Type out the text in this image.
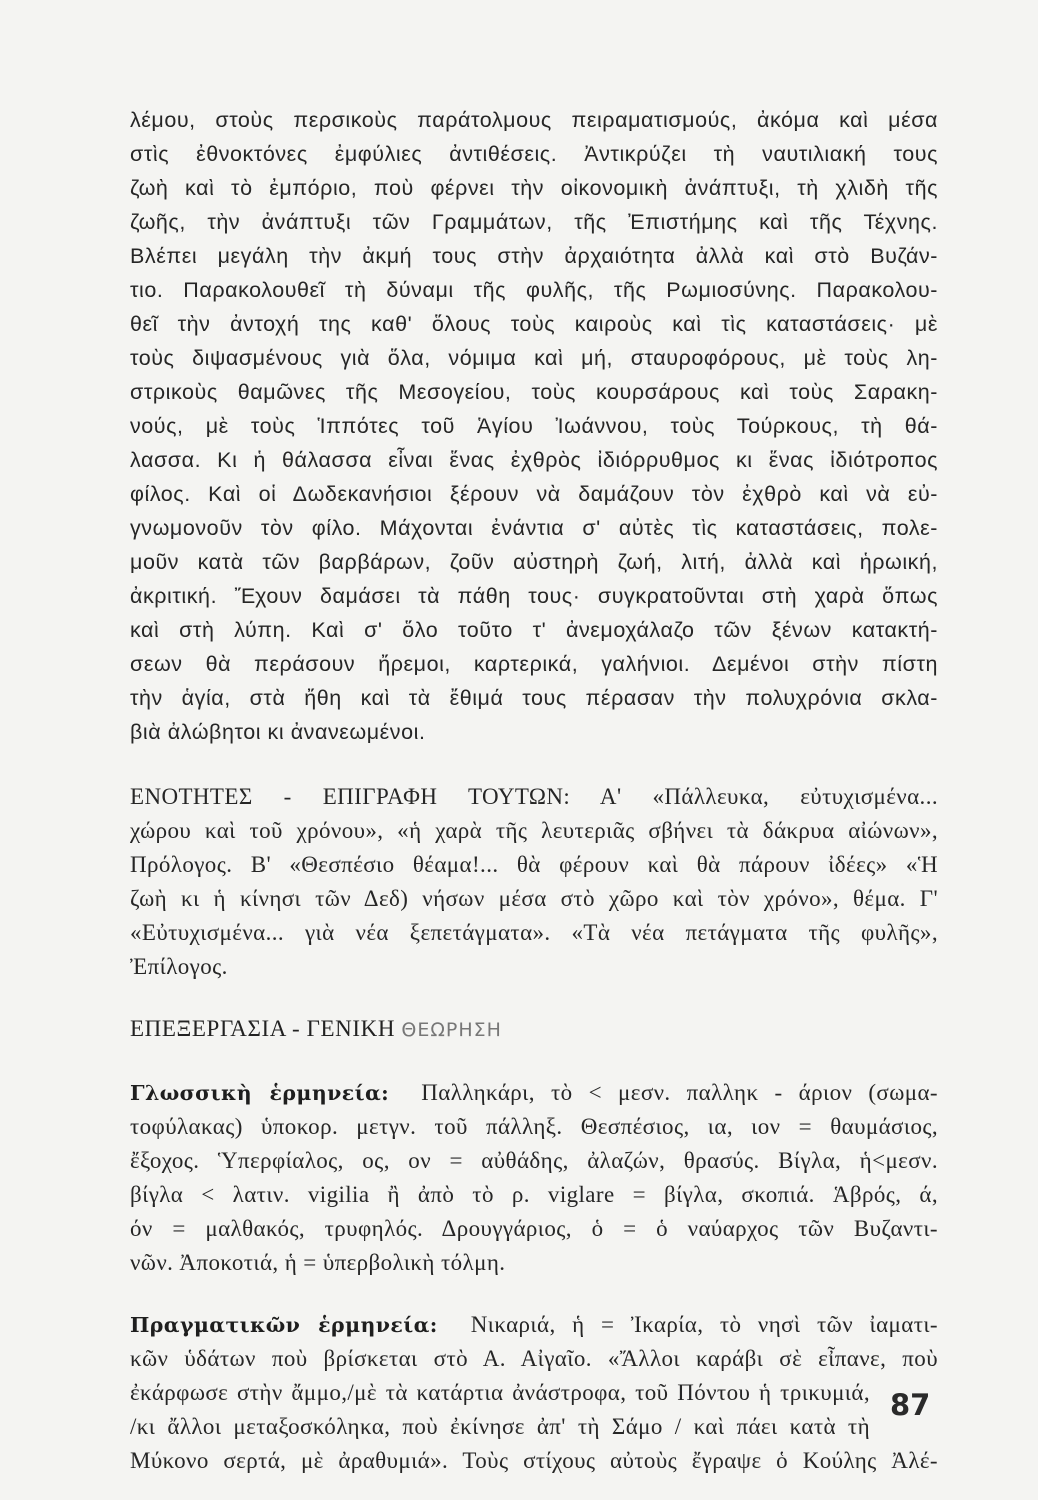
λέμου, στοὺς περσικοὺς παράτολμους πειραματισμούς, ἀκόμα καὶ μέσα
στὶς ἐθνοκτόνες ἐμφύλιες ἀντιθέσεις. Ἀντικρύζει τὴ ναυτιλιακή τους
ζωὴ καὶ τὸ ἐμπόριο, ποὺ φέρνει τὴν οἰκονομικὴ ἀνάπτυξι, τὴ χλιδὴ τῆς
ζωῆς, τὴν ἀνάπτυξι τῶν Γραμμάτων, τῆς Ἐπιστήμης καὶ τῆς Τέχνης.
Βλέπει μεγάλη τὴν ἀκμή τους στὴν ἀρχαιότητα ἀλλὰ καὶ στὸ Βυζάν-
τιο. Παρακολουθεῖ τὴ δύναμι τῆς φυλῆς, τῆς Ρωμιοσύνης. Παρακολου-
θεῖ τὴν ἀντοχή της καθ' ὅλους τοὺς καιροὺς καὶ τὶς καταστάσεις· μὲ
τοὺς διψασμένους γιὰ ὅλα, νόμιμα καὶ μή, σταυροφόρους, μὲ τοὺς λη-
στρικοὺς θαμῶνες τῆς Μεσογείου, τοὺς κουρσάρους καὶ τοὺς Σαρακη-
νούς, μὲ τοὺς Ἱππότες τοῦ Ἁγίου Ἰωάννου, τοὺς Τούρκους, τὴ θά-
λασσα. Κι ἡ θάλασσα εἶναι ἕνας ἐχθρὸς ἰδιόρρυθμος κι ἕνας ἰδιότροπος
φίλος. Καὶ οἱ Δωδεκανήσιοι ξέρουν νὰ δαμάζουν τὸν ἐχθρὸ καὶ νὰ εὐ-
γνωμονοῦν τὸν φίλο. Μάχονται ἐνάντια σ' αὐτὲς τὶς καταστάσεις, πολε-
μοῦν κατὰ τῶν βαρβάρων, ζοῦν αὐστηρὴ ζωή, λιτή, ἀλλὰ καὶ ἡρωική,
ἀκριτική. Ἔχουν δαμάσει τὰ πάθη τους· συγκρατοῦνται στὴ χαρὰ ὅπως
καὶ στὴ λύπη. Καὶ σ' ὅλο τοῦτο τ' ἀνεμοχάλαζο τῶν ξένων κατακτή-
σεων θὰ περάσουν ἤρεμοι, καρτερικά, γαλήνιοι. Δεμένοι στὴν πίστη
τὴν ἁγία, στὰ ἤθη καὶ τὰ ἔθιμά τους πέρασαν τὴν πολυχρόνια σκλα-
βιὰ ἀλώβητοι κι ἀνανεωμένοι.
ΕΝΟΤΗΤΕΣ - ΕΠΙΓΡΑΦΗ ΤΟΥΤΩΝ: Α' «Πάλλευκα, εὐτυχισμένα...
χώρου καὶ τοῦ χρόνου», «ἡ χαρὰ τῆς λευτεριᾶς σβήνει τὰ δάκρυα αἰώνων»,
Πρόλογος. Β' «Θεσπέσιο θέαμα!... θὰ φέρουν καὶ θὰ πάρουν ἰδέες» «Ἡ
ζωὴ κι ἡ κίνησι τῶν Δεδ) νήσων μέσα στὸ χῶρο καὶ τὸν χρόνο», θέμα. Γ'
«Εὐτυχισμένα... γιὰ νέα ξεπετάγματα». «Τὰ νέα πετάγματα τῆς φυλῆς»,
Ἐπίλογος.
ΕΠΕΞΕΡΓΑΣΙΑ - ΓΕΝΙΚΗ ΘΕΩΡΗΣΗ
Γλωσσικὴ ἑρμηνεία: Παλληκάρι, τὸ < μεσν. παλληκ - άριον (σωμα-
τοφύλακας) ὑποκορ. μετγν. τοῦ πάλληξ. Θεσπέσιος, ια, ιον = θαυμάσιος,
ἔξοχος. Ὑπερφίαλος, ος, ον = αὐθάδης, ἀλαζών, θρασύς. Βίγλα, ἡ<μεσν.
βίγλα < λατιν. vigilia ἢ ἀπὸ τὸ ρ. viglare = βίγλα, σκοπιά. Ἁβρός, ά,
όν = μαλθακός, τρυφηλός. Δρουγγάριος, ὁ = ὁ ναύαρχος τῶν Βυζαντι-
νῶν. Ἀποκοτιά, ἡ = ὑπερβολικὴ τόλμη.
Πραγματικῶν ἑρμηνεία: Νικαριά, ἡ = Ἰκαρία, τὸ νησὶ τῶν ἰαματι-
κῶν ὑδάτων ποὺ βρίσκεται στὸ Α. Αἰγαῖο. «Ἄλλοι καράβι σὲ εἶπανε, ποὺ
ἐκάρφωσε στὴν ἄμμο,/μὲ τὰ κατάρτια ἀνάστροφα, τοῦ Πόντου ἡ τρικυμιά,
/κι ἄλλοι μεταξοσκόληκα, ποὺ ἐκίνησε ἀπ' τὴ Σάμο / καὶ πάει κατὰ τὴ
Μύκονο σερτά, μὲ ἀραθυμιά». Τοὺς στίχους αὐτοὺς ἔγραψε ὁ Κούλης Ἀλέ-
87
